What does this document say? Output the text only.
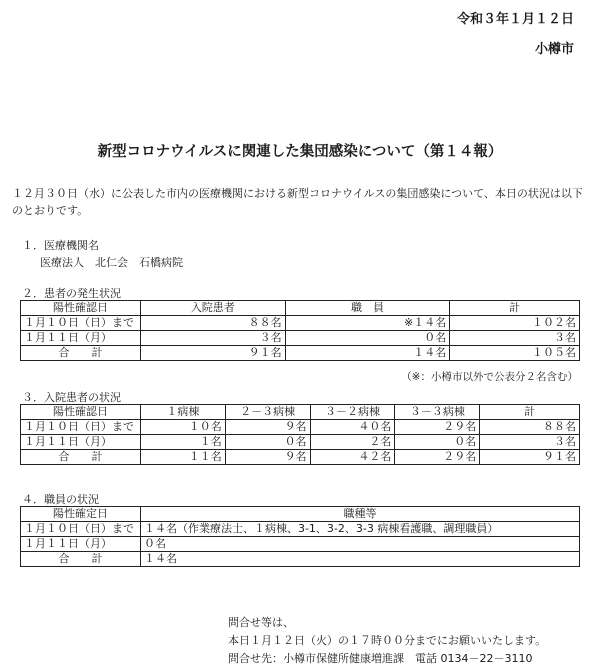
令和３年１月１２日
小樽市
新型コロナウイルスに関連した集団感染について（第１４報）
１２月３０日（水）に公表した市内の医療機関における新型コロナウイルスの集団感染について、本日の状況は以下のとおりです。
１．医療機関名
医療法人　北仁会　石橋病院
２．患者の発生状況
陽性確認日	入院患者	職　員	計
１月１０日（日）まで	８８名	※１４名	１０２名
１月１１日（月）	３名	０名	３名
合　　計	９１名	１４名	１０５名
（※：小樽市以外で公表分２名含む）
３．入院患者の状況
陽性確認日	１病棟	２－３病棟	３－２病棟	３－３病棟	計
１月１０日（日）まで	１０名	９名	４０名	２９名	８８名
１月１１日（月）	１名	０名	２名	０名	３名
合　　計	１１名	９名	４２名	２９名	９１名
４．職員の状況
陽性確定日	職種等
１月１０日（日）まで	１４名（作業療法士、１病棟、3-1、3-2、3-3 病棟看護職、調理職員）
１月１１日（月）	０名
合　　計	１４名
問合せ等は、
本日１月１２日（火）の１７時００分までにお願いいたします。
問合せ先：小樽市保健所健康増進課　電話 0134－22－3110
